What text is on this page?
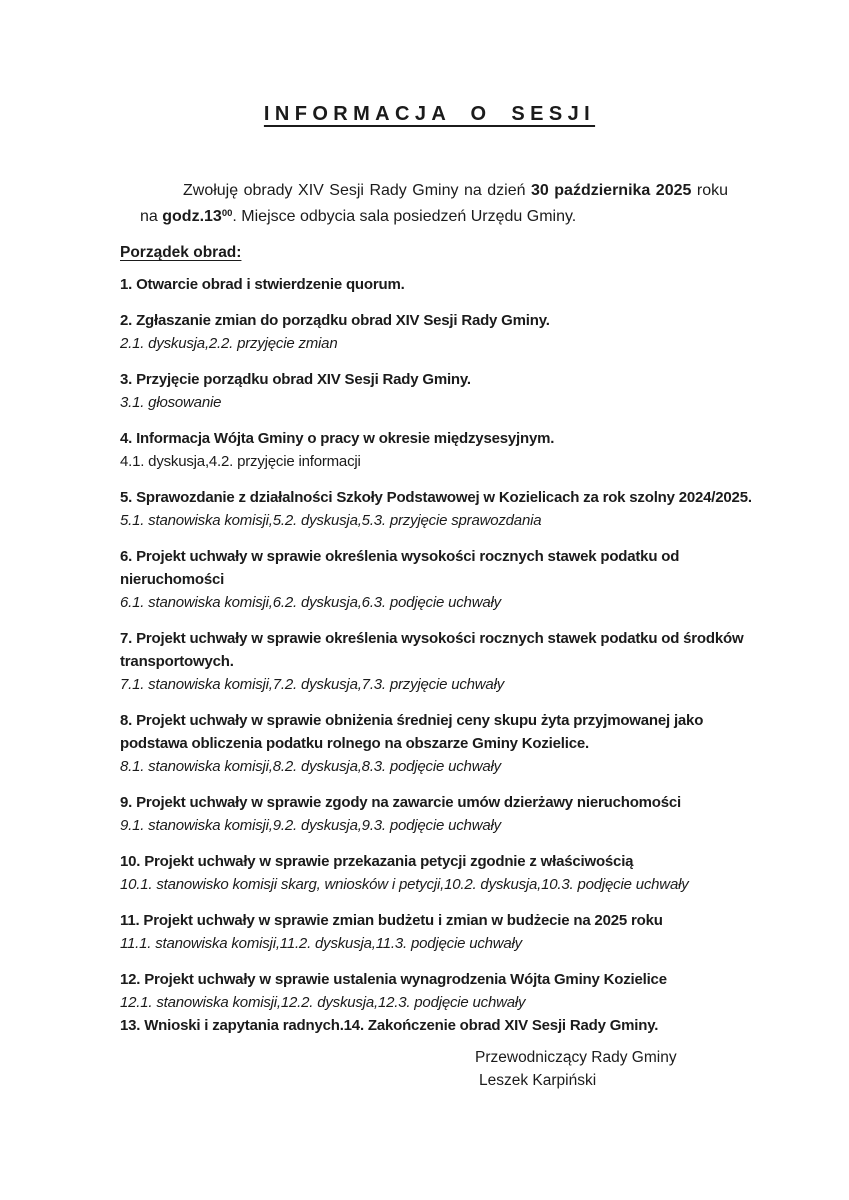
INFORMACJA O SESJI
Zwołuję obrady XIV Sesji Rady Gminy na dzień 30 października 2025 roku
na $godz.13^{00}$. Miejsce odbycia sala posiedzeń Urzędu Gminy.
Porządek obrad:
1. Otwarcie obrad i stwierdzenie quorum.
2. Zgłaszanie zmian do porządku obrad XIV Sesji Rady Gminy.
2.1. dyskusja,2.2. przyjęcie zmian
3. Przyjęcie porządku obrad XIV Sesji Rady Gminy.
3.1. głosowanie
4. Informacja Wójta Gminy o pracy w okresie międzysesyjnym.
4.1. dyskusja,4.2. przyjęcie informacji
5. Sprawozdanie z działalności Szkoły Podstawowej w Kozielicach za rok szolny 2024/2025.
5.1. stanowiska komisji,5.2. dyskusja,5.3. przyjęcie sprawozdania
6. Projekt uchwały w sprawie określenia wysokości rocznych stawek podatku od
nieruchomości
6.1. stanowiska komisji,6.2. dyskusja,6.3. podjęcie uchwały
7. Projekt uchwały w sprawie określenia wysokości rocznych stawek podatku od środków
transportowych.
7.1. stanowiska komisji,7.2. dyskusja,7.3. przyjęcie uchwały
8. Projekt uchwały w sprawie obniżenia średniej ceny skupu żyta przyjmowanej jako
podstawa obliczenia podatku rolnego na obszarze Gminy Kozielice.
8.1. stanowiska komisji,8.2. dyskusja,8.3. podjęcie uchwały
9. Projekt uchwały w sprawie zgody na zawarcie umów dzierżawy nieruchomości
9.1. stanowiska komisji,9.2. dyskusja,9.3. podjęcie uchwały
10. Projekt uchwały w sprawie przekazania petycji zgodnie z właściwością
10.1. stanowisko komisji skarg, wniosków i petycji,10.2. dyskusja,10.3. podjęcie uchwały
11. Projekt uchwały w sprawie zmian budżetu i zmian w budżecie na 2025 roku
11.1. stanowiska komisji,11.2. dyskusja,11.3. podjęcie uchwały
12. Projekt uchwały w sprawie ustalenia wynagrodzenia Wójta Gminy Kozielice
12.1. stanowiska komisji,12.2. dyskusja,12.3. podjęcie uchwały
13. Wnioski i zapytania radnych.14. Zakończenie obrad XIV Sesji Rady Gminy.
Przewodniczący Rady Gminy
Leszek Karpiński
